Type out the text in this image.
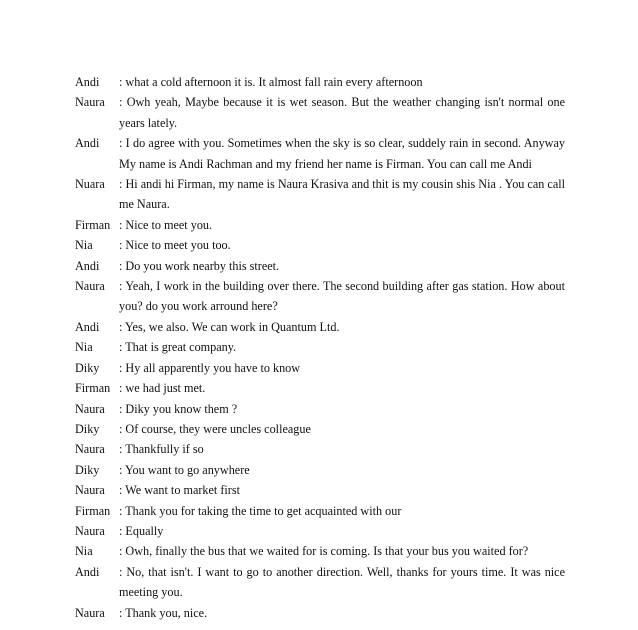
Andi	: what a cold afternoon it is. It almost fall rain every afternoon
Naura	: Owh yeah, Maybe because it is wet season. But the weather changing isn't normal one years lately.
Andi	: I do agree with you. Sometimes when the sky is so clear, suddely rain in second. Anyway My name is Andi Rachman and my friend her name is Firman. You can call me Andi
Nuara	: Hi andi hi Firman, my name is Naura Krasiva and thit is my cousin shis Nia . You can call me Naura.
Firman : Nice to meet you.
Nia	: Nice to meet you too.
Andi	: Do you work nearby this street.
Naura	: Yeah, I work in the building over there. The second building after gas station. How about you? do you work arround here?
Andi	: Yes, we also. We can work in Quantum Ltd.
Nia	: That is great company.
Diky	: Hy all apparently you have to know
Firman : we had just met.
Naura	: Diky you know them ?
Diky	: Of course, they were uncles colleague
Naura	: Thankfully if so
Diky	: You want to go anywhere
Naura	: We want to market first
Firman : Thank you for taking the time to get acquainted with our
Naura	: Equally
Nia	: Owh, finally the bus that we waited for is coming. Is that your bus you waited for?
Andi	: No, that isn't. I want to go to another direction. Well, thanks for yours time. It was nice meeting you.
Naura	: Thank you, nice.
